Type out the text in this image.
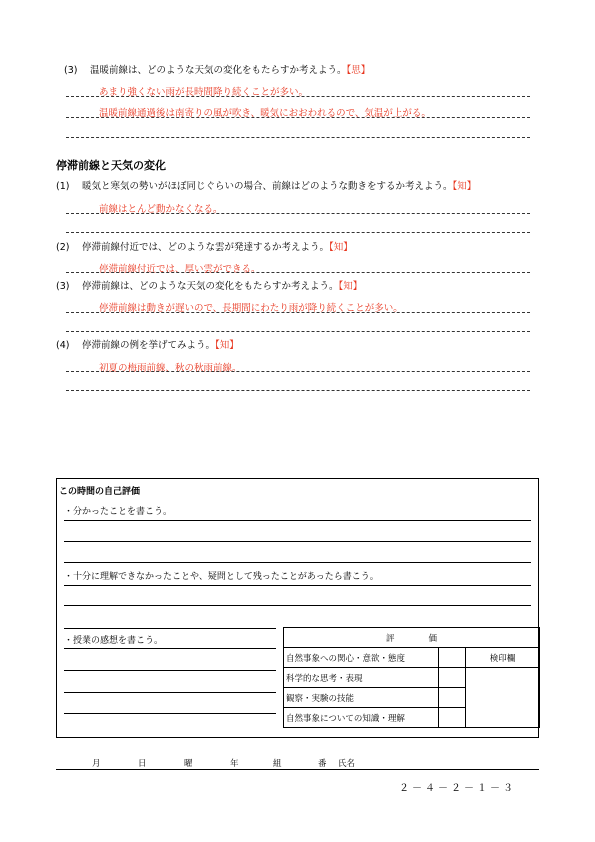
(3)　 温暖前線は、どのような天気の変化をもたらすか考えよう。【思】
あまり強くない雨が長時間降り続くことが多い。
温暖前線通過後は南寄りの風が吹き、暖気におおわれるので、気温が上がる。
停滞前線と天気の変化
(1)　 暖気と寒気の勢いがほぼ同じぐらいの場合、前線はどのような動きをするか考えよう。【知】
前線はとんど動かなくなる。
(2)　 停滞前線付近では、どのような雲が発達するか考えよう。【知】
停滞前線付近では、厚い雲ができる。
(3)　 停滞前線は、どのような天気の変化をもたらすか考えよう。【知】
停滞前線は動きが遅いので、長期間にわたり雨が降り続くことが多い。
(4)　 停滞前線の例を挙げてみよう。【知】
初夏の梅雨前線、秋の秋雨前線。
この時間の自己評価
・分かったことを書こう。
・十分に理解できなかったことや、疑問として残ったことがあったら書こう。
・授業の感想を書こう。	評　　　　価		
自然事象への関心・意欲・態度		検印欄
科学的な思考・表現		
観察・実験の技能		
自然事象についての知識・理解		
月	日	曜	年	組	番 氏名
２－４－２－１－３
